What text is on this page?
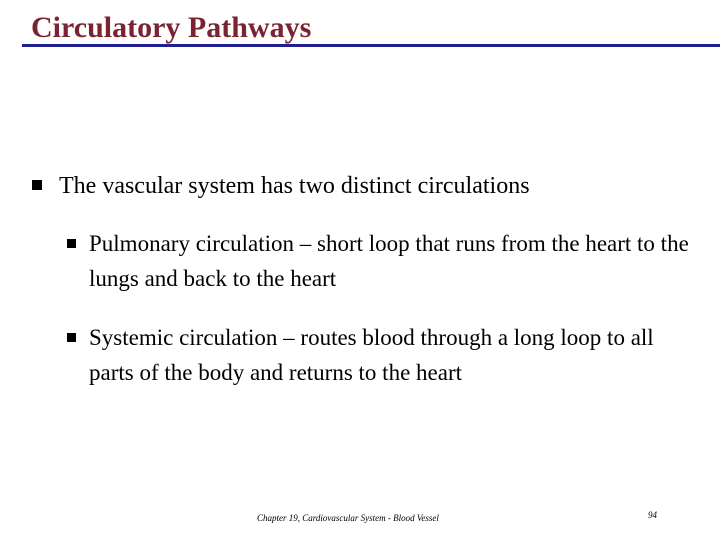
Circulatory Pathways
The vascular system has two distinct circulations
Pulmonary circulation – short loop that runs from the heart to the lungs and back to the heart
Systemic circulation – routes blood through a long loop to all parts of the body and returns to the heart
Chapter 19, Cardiovascular System - Blood Vessel	94
